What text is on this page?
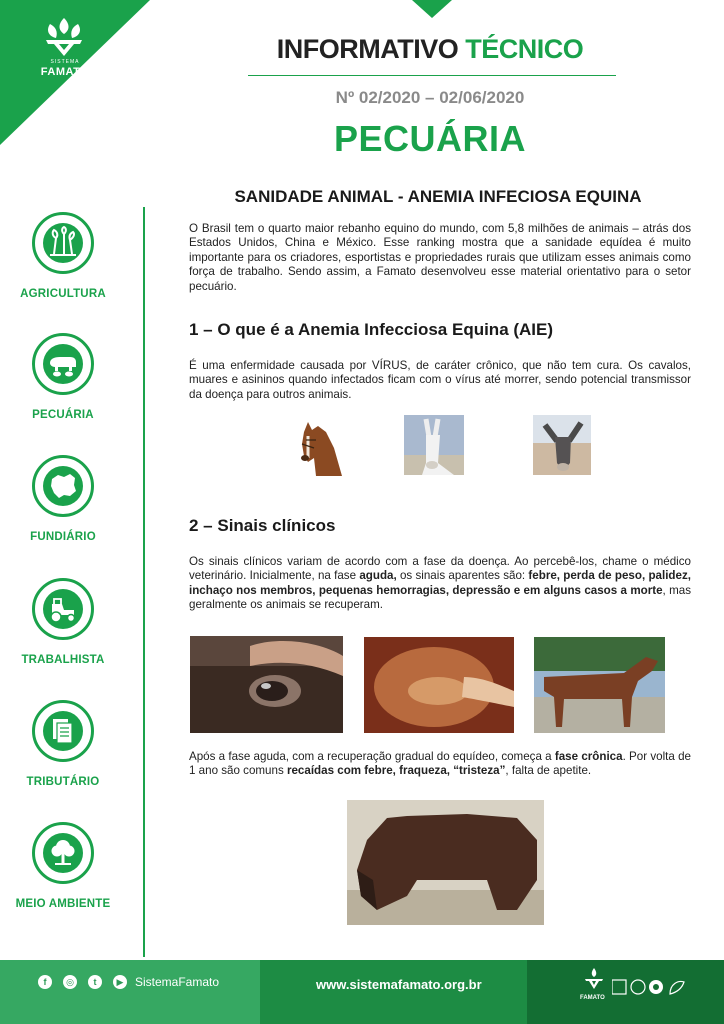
SISTEMA
FAMATO
INFORMATIVO TÉCNICO
Nº 02/2020 – 02/06/2020
PECUÁRIA
AGRICULTURA
PECUÁRIA
FUNDIÁRIO
TRABALHISTA
TRIBUTÁRIO
MEIO AMBIENTE
SANIDADE ANIMAL - ANEMIA INFECIOSA EQUINA
O Brasil tem o quarto maior rebanho equino do mundo, com 5,8 milhões de animais – atrás dos Estados Unidos, China e México. Esse ranking mostra que a sanidade equídea é muito importante para os criadores, esportistas e propriedades rurais que utilizam esses animais como força de trabalho. Sendo assim, a Famato desenvolveu esse material orientativo para o setor pecuário.
1 – O que é a Anemia Infecciosa Equina (AIE)
É uma enfermidade causada por VÍRUS, de caráter crônico, que não tem cura. Os cavalos, muares e asininos quando infectados ficam com o vírus até morrer, sendo potencial transmissor da doença para outros animais.
2 – Sinais clínicos
Os sinais clínicos variam de acordo com a fase da doença. Ao percebê-los, chame o médico veterinário. Inicialmente, na fase aguda, os sinais aparentes são: febre, perda de peso, palidez, inchaço nos membros, pequenas hemorragias, depressão e em alguns casos a morte, mas geralmente os animais se recuperam.
Após a fase aguda, com a recuperação gradual do equídeo, começa a fase crônica. Por volta de 1 ano são comuns recaídas com febre, fraqueza, “tristeza”, falta de apetite.
f	◎	t	▶ SistemaFamato	www.sistemafamato.org.br
FAMATO
